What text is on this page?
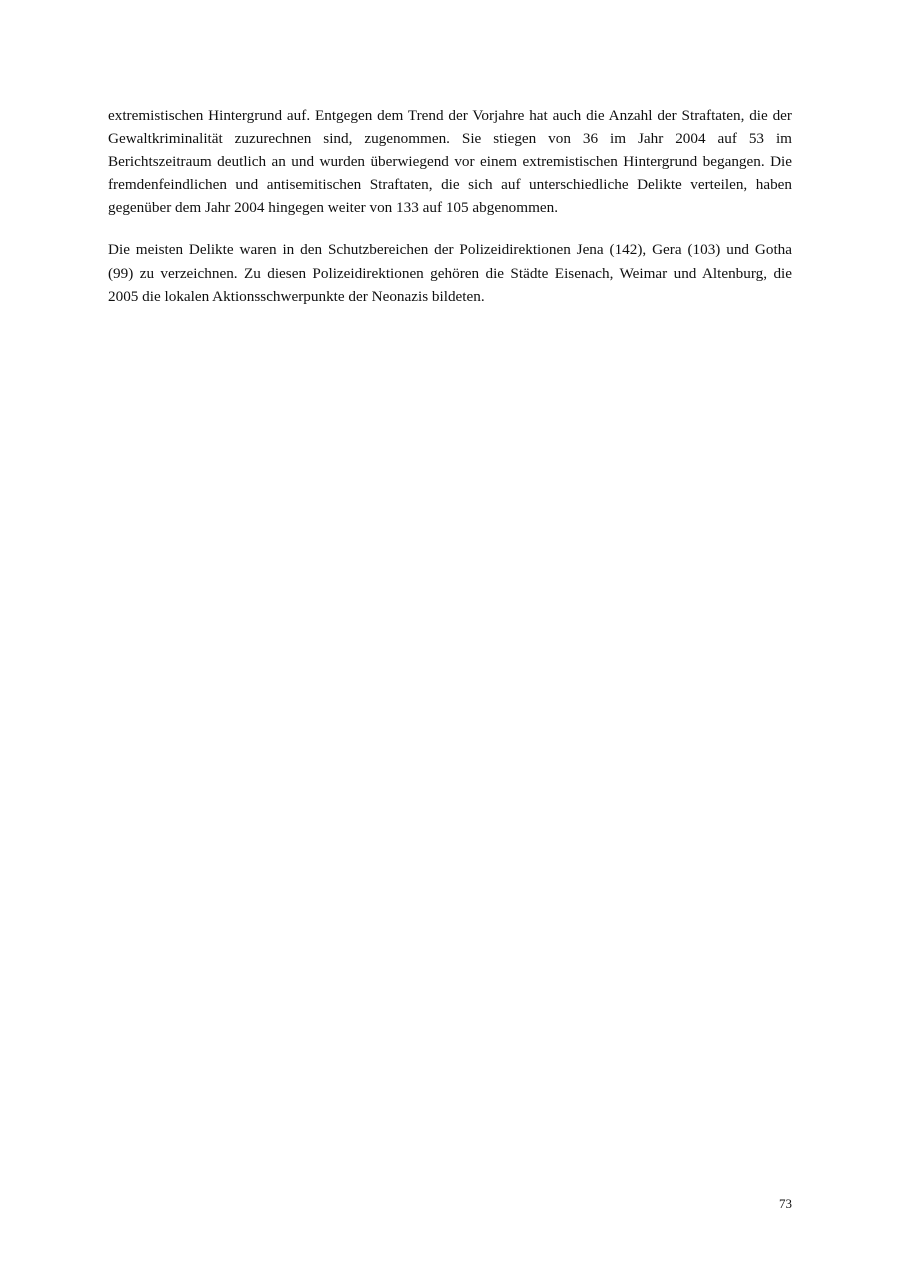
extremistischen Hintergrund auf. Entgegen dem Trend der Vorjahre hat auch die Anzahl der Straftaten, die der Gewaltkriminalität zuzurechnen sind, zugenommen. Sie stiegen von 36 im Jahr 2004 auf 53 im Berichtszeitraum deutlich an und wurden überwiegend vor einem extremistischen Hintergrund begangen. Die fremdenfeindlichen und antisemitischen Straftaten, die sich auf unterschiedliche Delikte verteilen, haben gegenüber dem Jahr 2004 hingegen weiter von 133 auf 105 abgenommen.

Die meisten Delikte waren in den Schutzbereichen der Polizeidirektionen Jena (142), Gera (103) und Gotha (99) zu verzeichnen. Zu diesen Polizeidirektionen gehören die Städte Eisenach, Weimar und Altenburg, die 2005 die lokalen Aktionsschwerpunkte der Neonazis bildeten.

73
